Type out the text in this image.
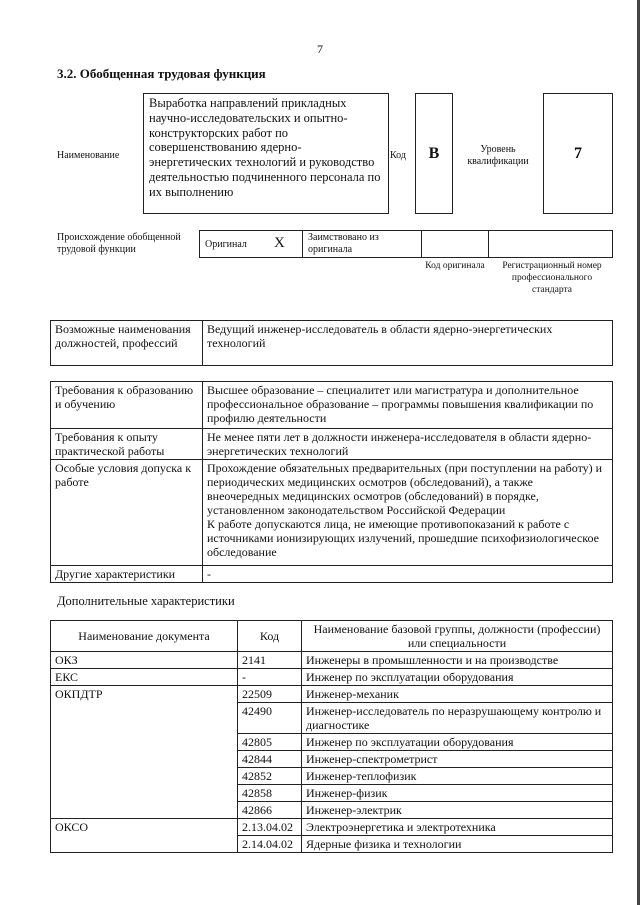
7
3.2. Обобщенная трудовая функция
Наименование
Выработка направлений прикладных научно-исследовательских и опытно-конструкторских работ по совершенствованию ядерно-энергетических технологий и руководство деятельностью подчиненного персонала по их выполнению
Код B	Уровень квалификации	7
Происхождение обобщенной трудовой функции	Оригинал X	Заимствовано из оригинала
Код оригинала	Регистрационный номер профессионального стандарта
Возможные наименования должностей, профессий	Ведущий инженер-исследователь в области ядерно-энергетических технологий
Требования к образованию и обучению	Высшее образование – специалитет или магистратура и дополнительное профессиональное образование – программы повышения квалификации по профилю деятельности
Требования к опыту практической работы	Не менее пяти лет в должности инженера-исследователя в области ядерно-энергетических технологий
Особые условия допуска к работе	Прохождение обязательных предварительных (при поступлении на работу) и периодических медицинских осмотров (обследований), а также внеочередных медицинских осмотров (обследований) в порядке, установленном законодательством Российской Федерации
К работе допускаются лица, не имеющие противопоказаний к работе с источниками ионизирующих излучений, прошедшие психофизиологическое обследование

Другие характеристики	-
Дополнительные характеристики
Наименование документа	Код	Наименование базовой группы, должности (профессии) или специальности
ОКЗ	2141	Инженеры в промышленности и на производстве
ЕКС	-	Инженер по эксплуатации оборудования
ОКПДТР	22509	Инженер-механик
	42490	Инженер-исследователь по неразрушающему контролю и диагностике
	42805	Инженер по эксплуатации оборудования
	42844	Инженер-спектрометрист
	42852	Инженер-теплофизик
	42858	Инженер-физик
	42866	Инженер-электрик
ОКСО	2.13.04.02	Электроэнергетика и электротехника
	2.14.04.02	Ядерные физика и технологии
